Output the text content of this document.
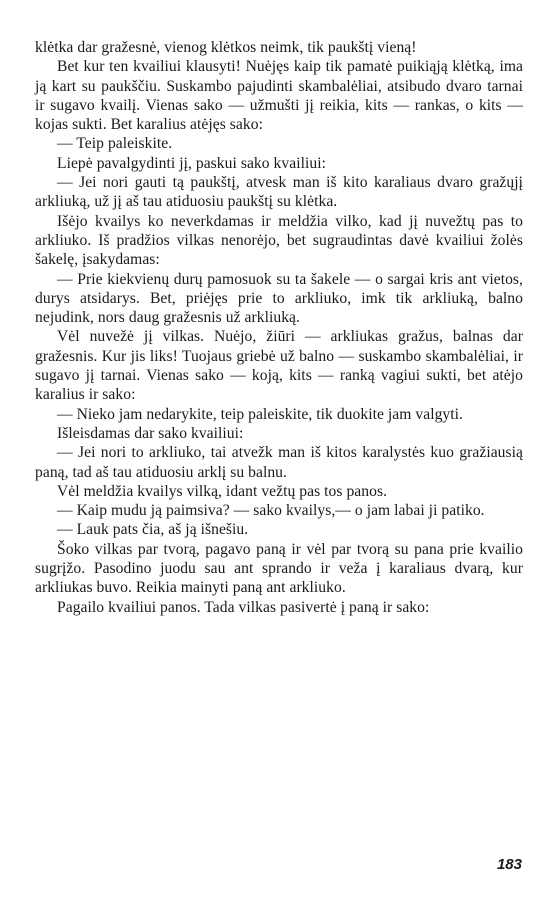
klėtka dar gražesnė, vienog klėtkos neimk, tik paukštį vieną!

Bet kur ten kvailiui klausyti! Nuėjęs kaip tik pamatė puikiąją klėtką, ima ją kart su paukščiu. Suskambo pajudinti skambalėliai, atsibudo dvaro tarnai ir sugavo kvailį. Vienas sako — užmušti jį reikia, kits — rankas, o kits — kojas sukti. Bet karalius atėjęs sako:

— Teip paleiskite.

Liepė pavalgydinti jį, paskui sako kvailiui:

— Jei nori gauti tą paukštį, atvesk man iš kito karaliaus dvaro gražųjį arkliuką, už jį aš tau atiduosiu paukštį su klėtka.

Išėjo kvailys ko neverkdamas ir meldžia vilko, kad jį nuvežtų pas to arkliuko. Iš pradžios vilkas nenorėjo, bet sugraudintas davė kvailiui žolės šakelę, įsakydamas:

— Prie kiekvienų durų pamosuok su ta šakele — o sargai kris ant vietos, durys atsidarys. Bet, priėjęs prie to arkliuko, imk tik arkliuką, balno nejudink, nors daug gražesnis už arkliuką.

Vėl nuvežė jį vilkas. Nuėjo, žiūri — arkliukas gražus, balnas dar gražesnis. Kur jis liks! Tuojaus griebė už balno — suskambo skambalėliai, ir sugavo jį tarnai. Vienas sako — koją, kits — ranką vagiui sukti, bet atėjo karalius ir sako:

— Nieko jam nedarykite, teip paleiskite, tik duokite jam valgyti.

Išleisdamas dar sako kvailiui:

— Jei nori to arkliuko, tai atvežk man iš kitos karalystės kuo gražiausią paną, tad aš tau atiduosiu arklį su balnu.

Vėl meldžia kvailys vilką, idant vežtų pas tos panos.

— Kaip mudu ją paimsiva? — sako kvailys,— o jam labai ji patiko.

— Lauk pats čia, aš ją išnešiu.

Šoko vilkas par tvorą, pagavo paną ir vėl par tvorą su pana prie kvailio sugrįžo. Pasodino juodu sau ant sprando ir veža į karaliaus dvarą, kur arkliukas buvo. Reikia mainyti paną ant arkliuko.

Pagailo kvailiui panos. Tada vilkas pasivertė į paną ir sako:

183
